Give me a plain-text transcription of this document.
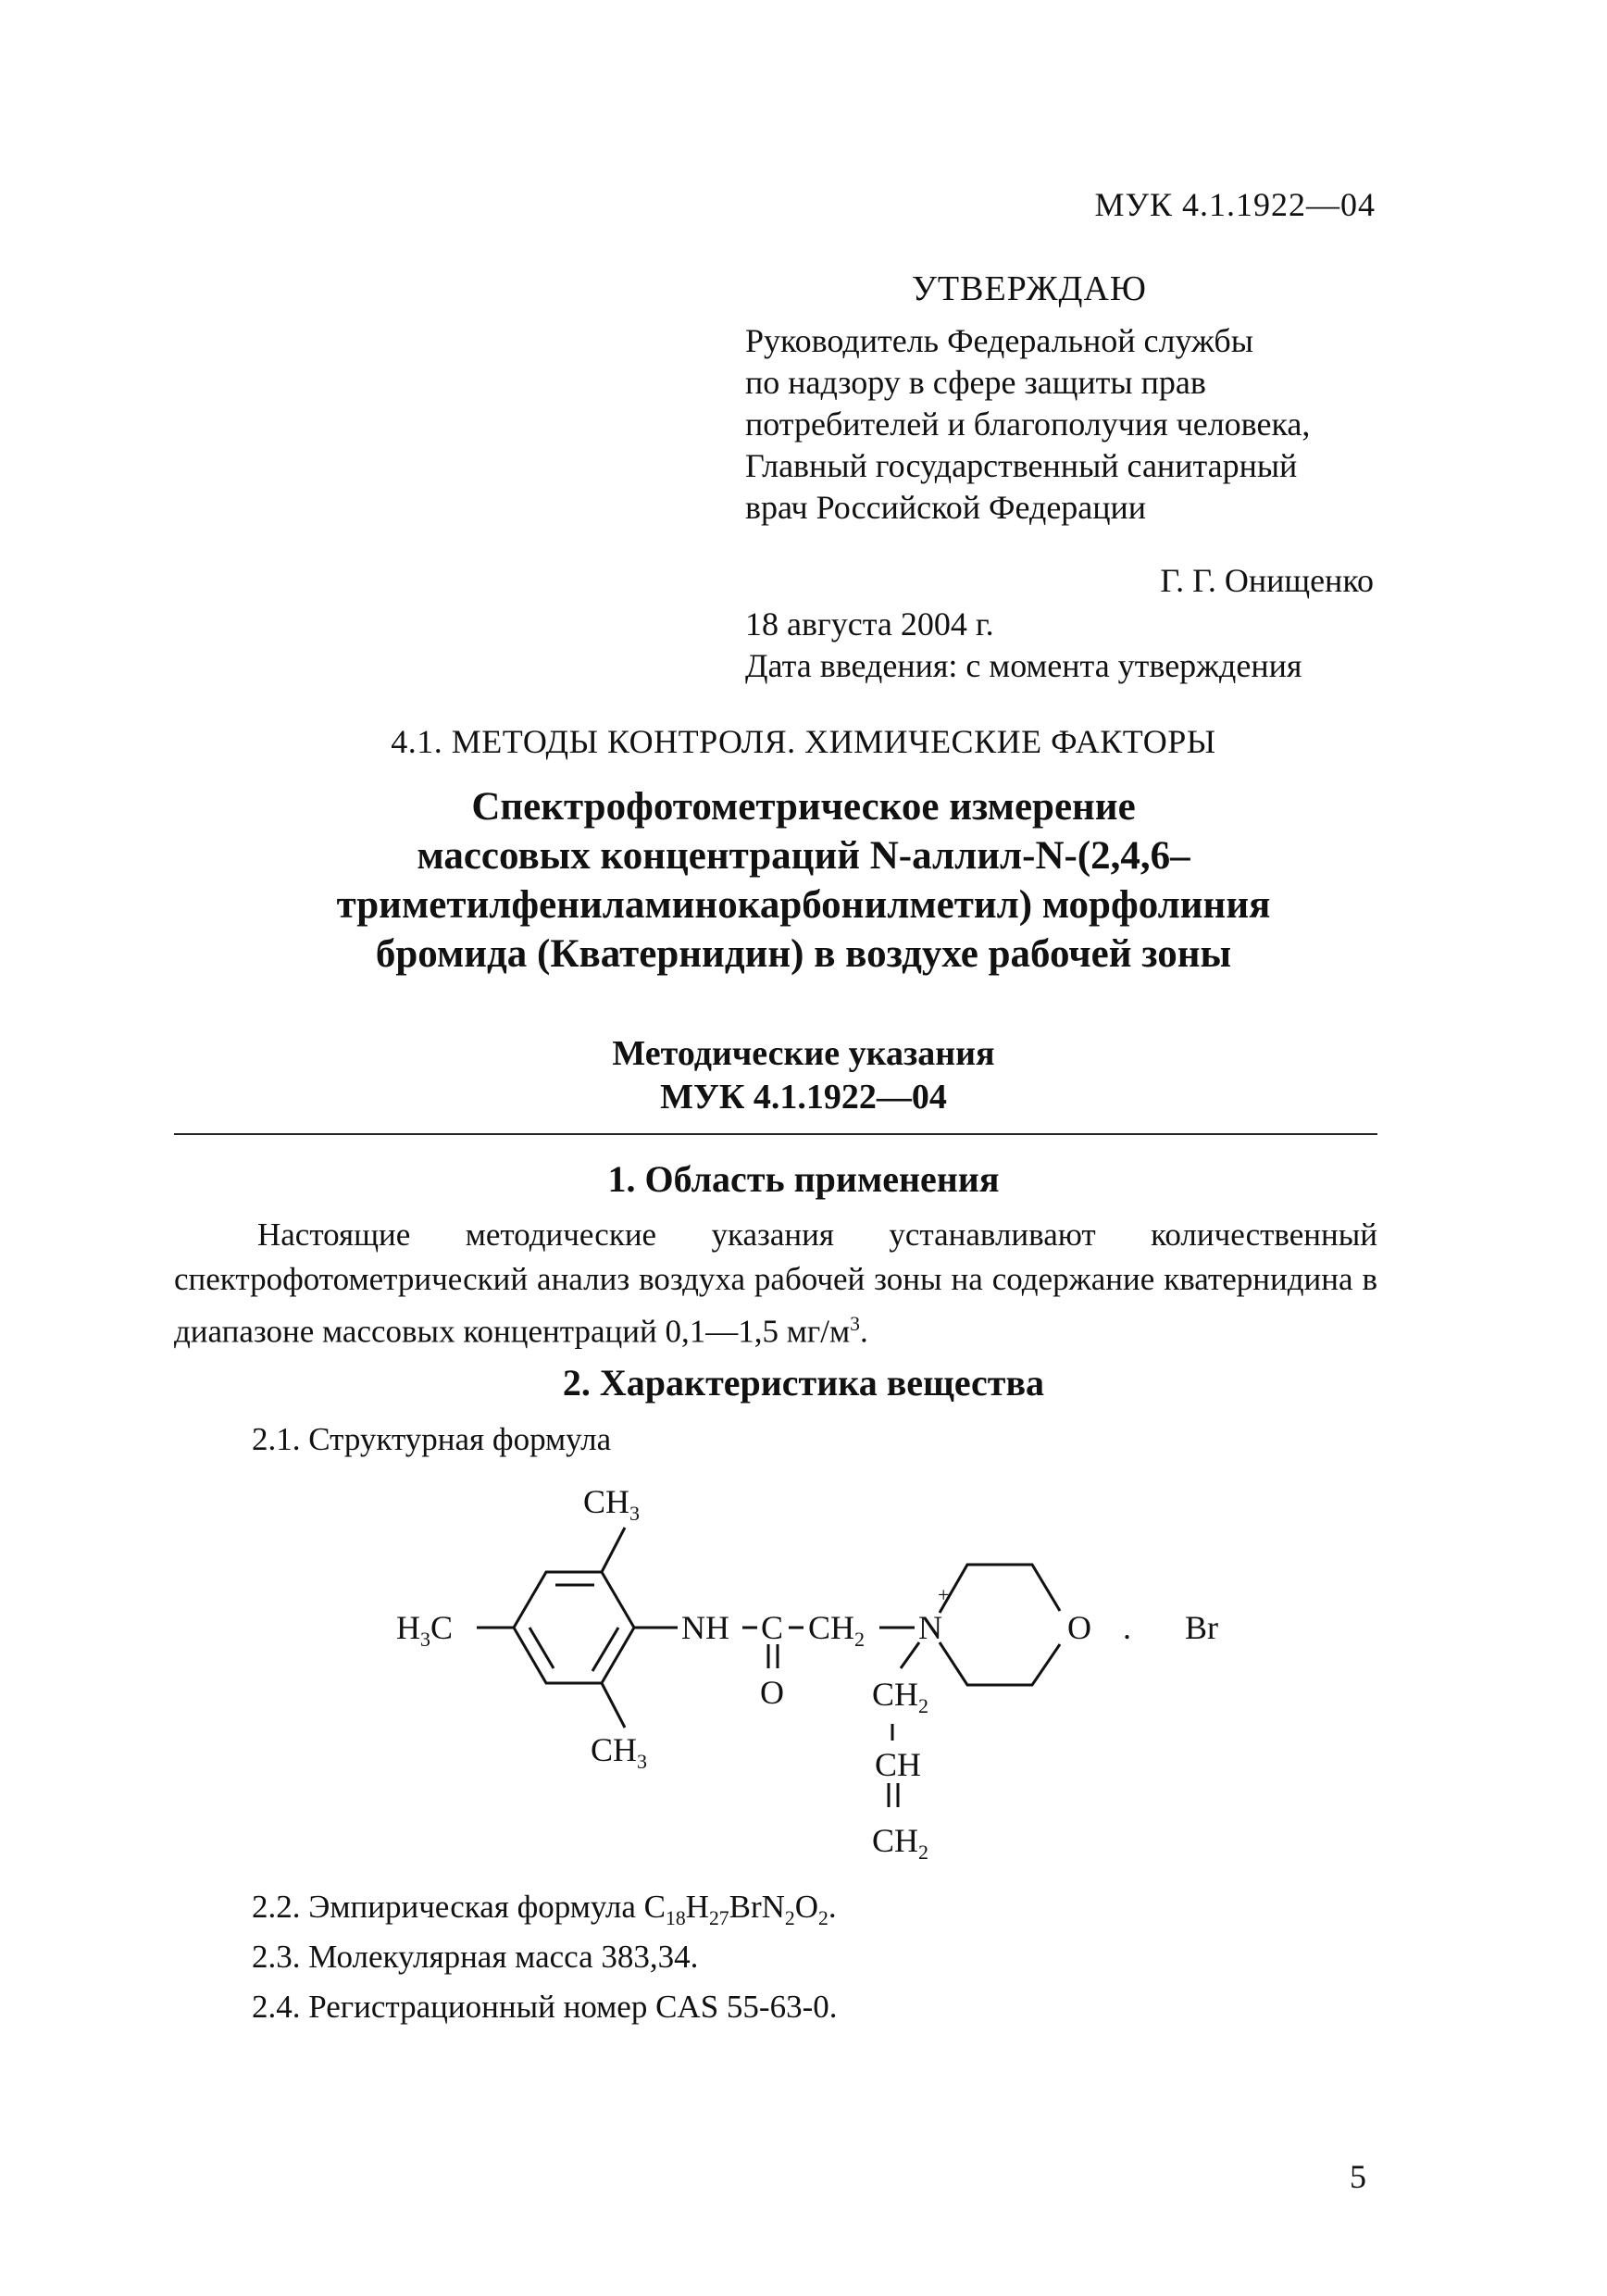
МУК 4.1.1922—04
УТВЕРЖДАЮ
Руководитель Федеральной службы
по надзору в сфере защиты прав
потребителей и благополучия человека,
Главный государственный санитарный
врач Российской Федерации
Г. Г. Онищенко
18 августа 2004 г.
Дата введения: с момента утверждения
4.1. МЕТОДЫ КОНТРОЛЯ. ХИМИЧЕСКИЕ ФАКТОРЫ
Спектрофотометрическое измерение
массовых концентраций N-аллил-N-(2,4,6–
триметилфениламинокарбонилметил) морфолиния
бромида (Кватернидин) в воздухе рабочей зоны
Методические указания
МУК 4.1.1922—04
1. Область применения
Настоящие методические указания устанавливают количественный спектрофотометрический анализ воздуха рабочей зоны на содержание кватернидина в диапазоне массовых концентраций 0,1—1,5 $мг/м^3$.
2. Характеристика вещества
2.1. Структурная формула
$CH_3$
$H_3C$
$CH_3$
NH C
O
$CH_2$ N
+
O . Br
$CH_2$
CH
$CH_2$
2.2. Эмпирическая формула $C_{18}H_{27}BrN_2O_2$.
2.3. Молекулярная масса 383,34.
2.4. Регистрационный номер CAS 55-63-0.
5
